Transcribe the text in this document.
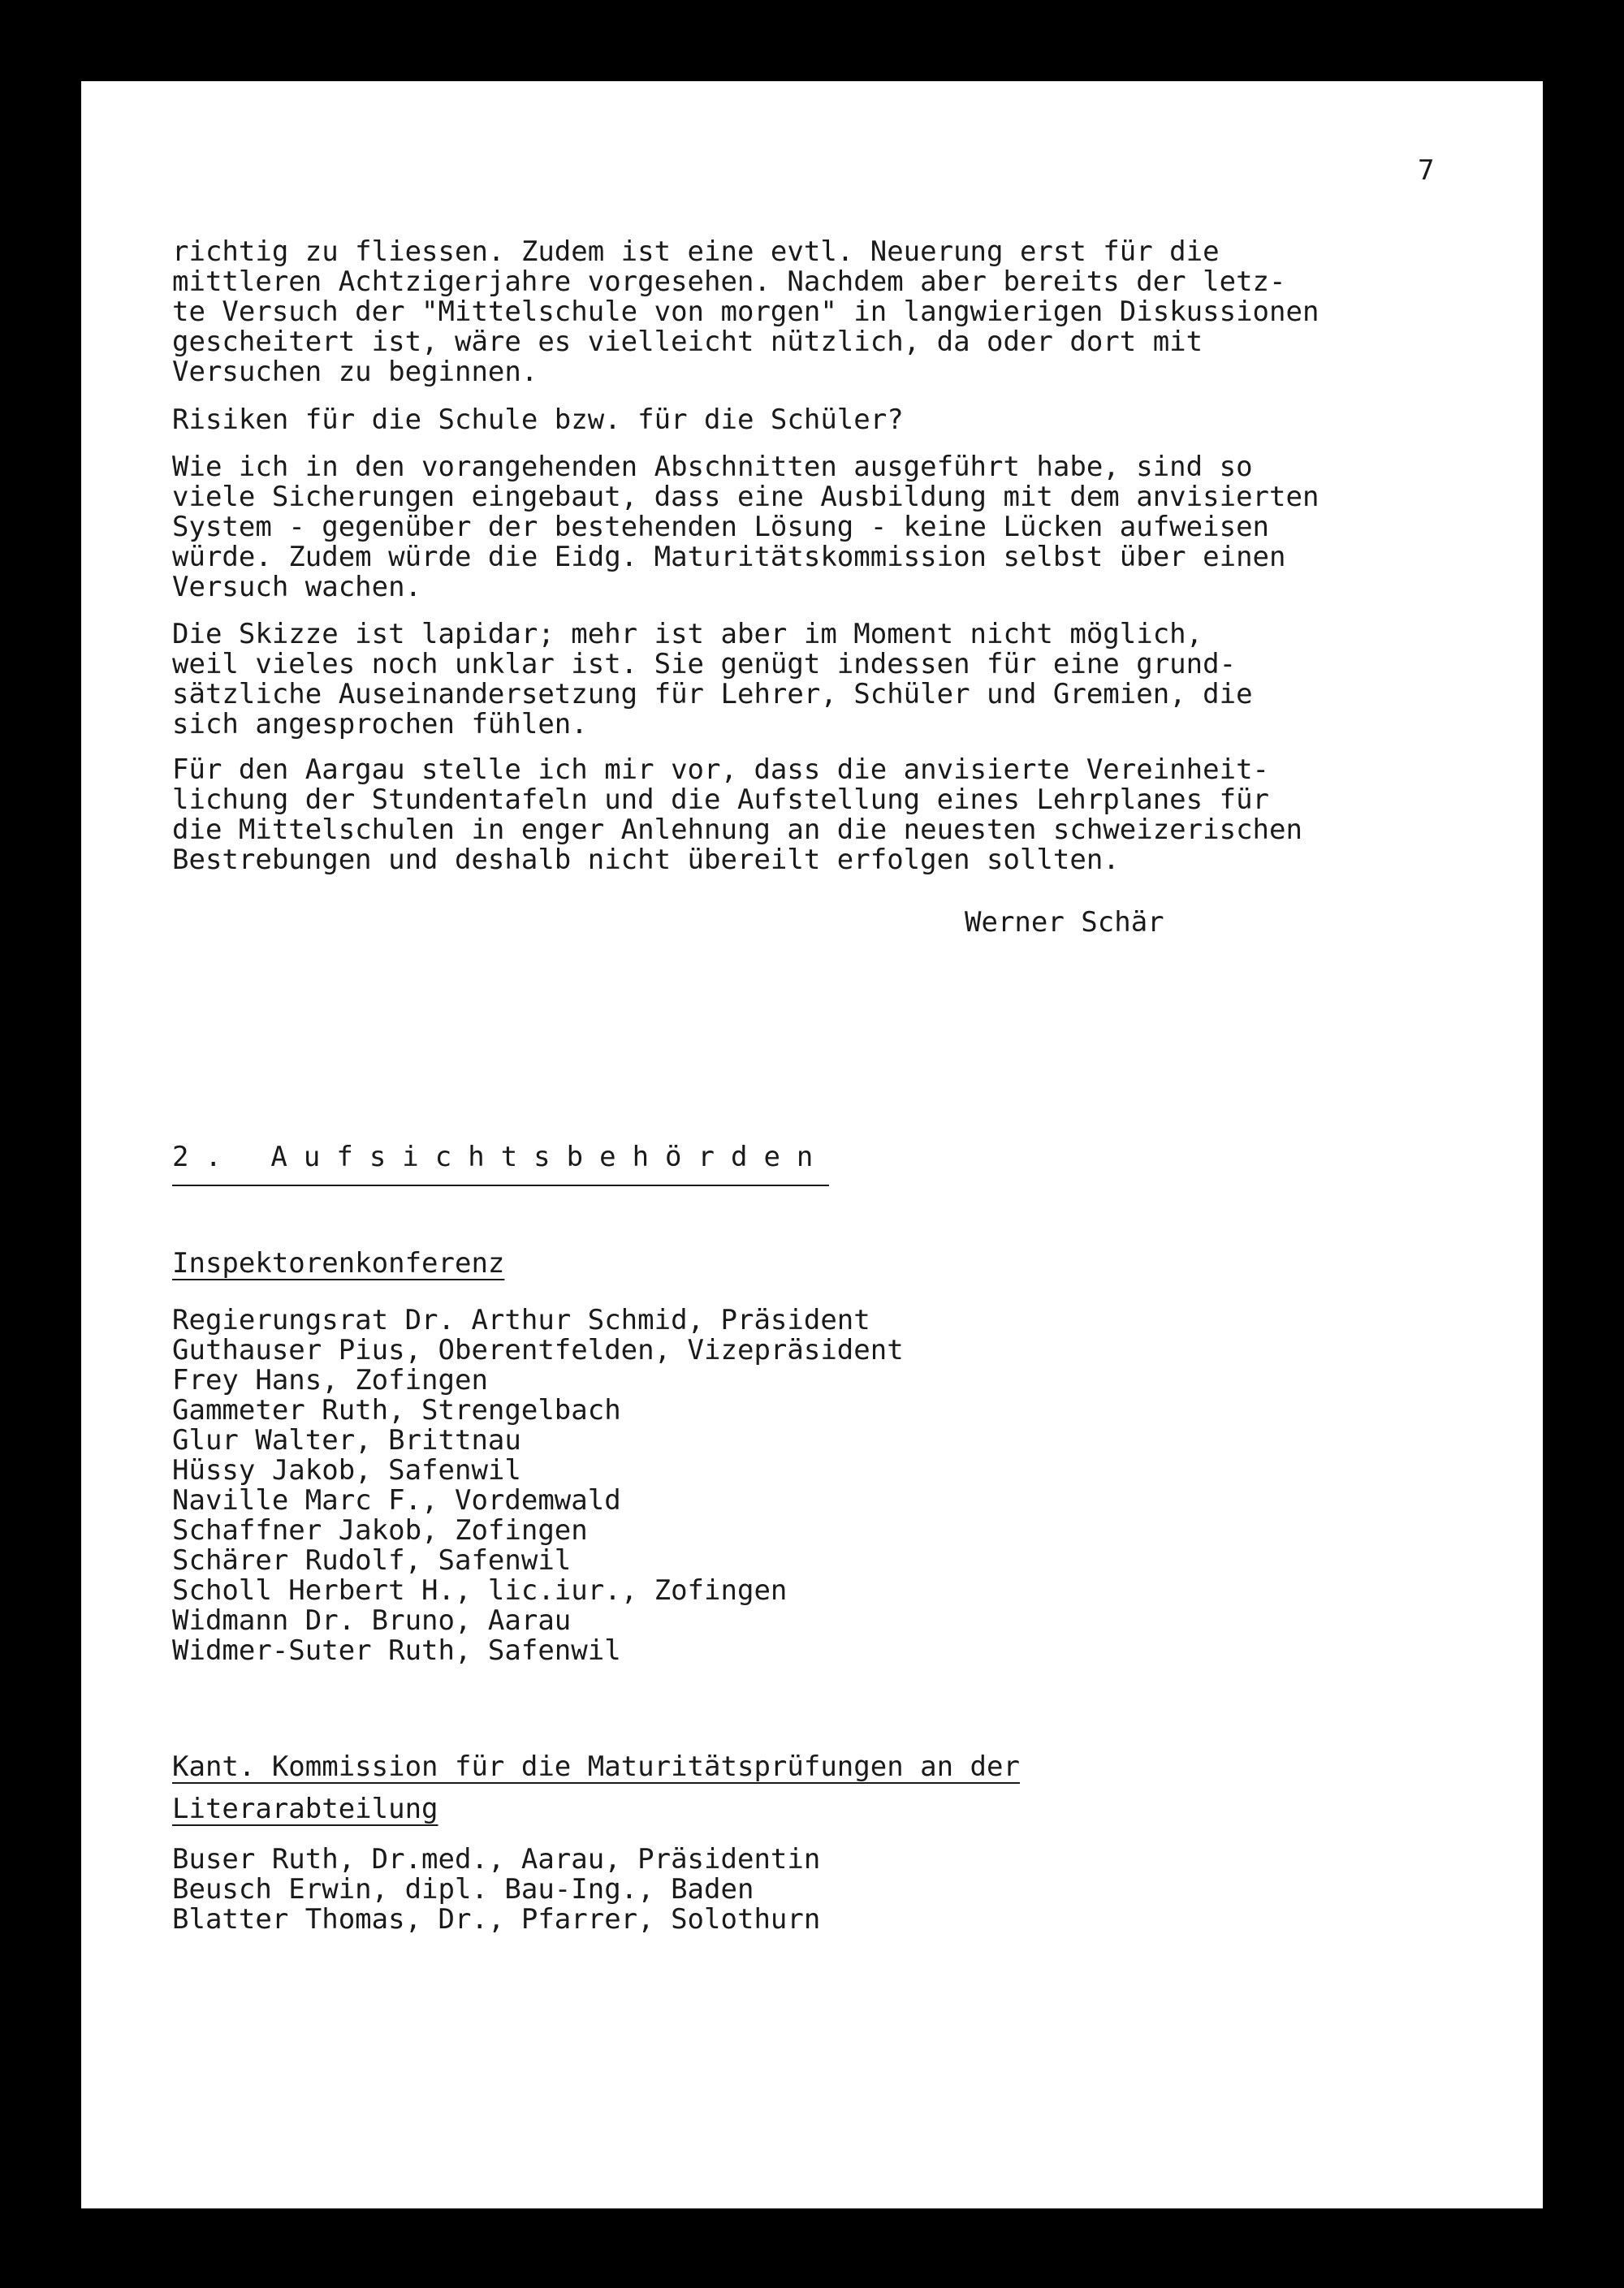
7

richtig zu fliessen. Zudem ist eine evtl. Neuerung erst für die
mittleren Achtzigerjahre vorgesehen. Nachdem aber bereits der letz-
te Versuch der "Mittelschule von morgen" in langwierigen Diskussionen
gescheitert ist, wäre es vielleicht nützlich, da oder dort mit
Versuchen zu beginnen.

Risiken für die Schule bzw. für die Schüler?

Wie ich in den vorangehenden Abschnitten ausgeführt habe, sind so
viele Sicherungen eingebaut, dass eine Ausbildung mit dem anvisierten
System - gegenüber der bestehenden Lösung - keine Lücken aufweisen
würde. Zudem würde die Eidg. Maturitätskommission selbst über einen
Versuch wachen.

Die Skizze ist lapidar; mehr ist aber im Moment nicht möglich,
weil vieles noch unklar ist. Sie genügt indessen für eine grund-
sätzliche Auseinandersetzung für Lehrer, Schüler und Gremien, die
sich angesprochen fühlen.

Für den Aargau stelle ich mir vor, dass die anvisierte Vereinheit-
lichung der Stundentafeln und die Aufstellung eines Lehrplanes für
die Mittelschulen in enger Anlehnung an die neuesten schweizerischen
Bestrebungen und deshalb nicht übereilt erfolgen sollten.

Werner Schär
2. Aufsichtsbehörden
Inspektorenkonferenz

Regierungsrat Dr. Arthur Schmid, Präsident
Guthauser Pius, Oberentfelden, Vizepräsident
Frey Hans, Zofingen
Gammeter Ruth, Strengelbach
Glur Walter, Brittnau
Hüssy Jakob, Safenwil
Naville Marc F., Vordemwald
Schaffner Jakob, Zofingen
Schärer Rudolf, Safenwil
Scholl Herbert H., lic.iur., Zofingen
Widmann Dr. Bruno, Aarau
Widmer-Suter Ruth, Safenwil

Kant. Kommission für die Maturitätsprüfungen an der
Literarabteilung

Buser Ruth, Dr.med., Aarau, Präsidentin
Beusch Erwin, dipl. Bau-Ing., Baden
Blatter Thomas, Dr., Pfarrer, Solothurn
